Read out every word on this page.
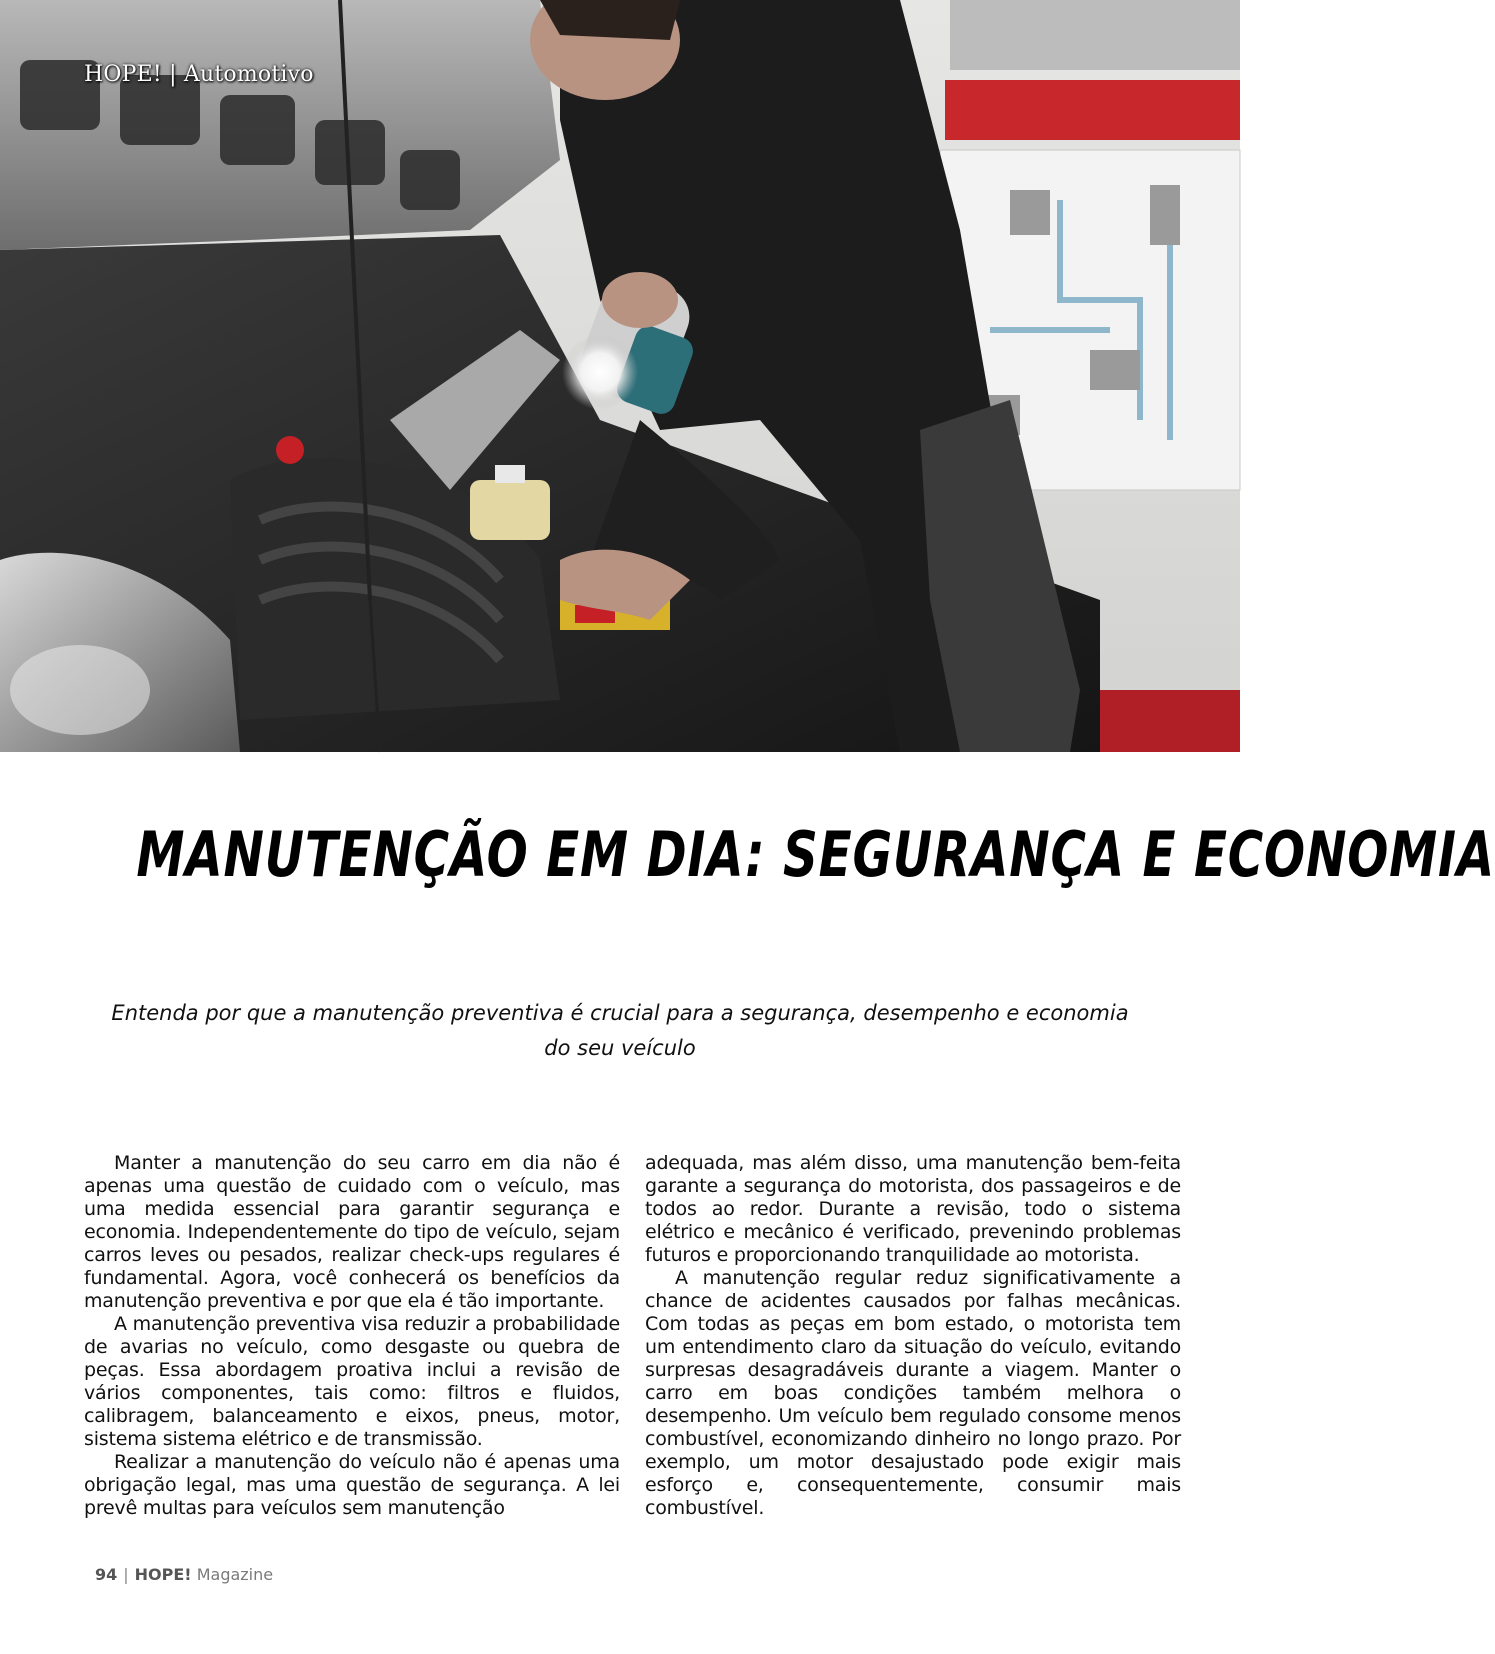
HOPE! | Automotivo
MANUTENÇÃO EM DIA: SEGURANÇA E ECONOMIA
Entenda por que a manutenção preventiva é crucial para a segurança, desempenho e economia do seu veículo

Manter a manutenção do seu carro em dia não é apenas uma questão de cuidado com o veículo, mas uma medida essencial para garantir segurança e economia. Independentemente do tipo de veículo, sejam carros leves ou pesados, realizar check-ups regulares é fundamental. Agora, você conhecerá os benefícios da manutenção preventiva e por que ela é tão importante.

A manutenção preventiva visa reduzir a probabilidade de avarias no veículo, como desgaste ou quebra de peças. Essa abordagem proativa inclui a revisão de vários componentes, tais como: filtros e fluidos, calibragem, balanceamento e eixos, pneus, motor, sistema sistema elétrico e de transmissão.

Realizar a manutenção do veículo não é apenas uma obrigação legal, mas uma questão de segurança. A lei prevê multas para veículos sem manutenção

adequada, mas além disso, uma manutenção bem-feita garante a segurança do motorista, dos passageiros e de todos ao redor. Durante a revisão, todo o sistema elétrico e mecânico é verificado, prevenindo problemas futuros e proporcionando tranquilidade ao motorista.

A manutenção regular reduz significativamente a chance de acidentes causados por falhas mecânicas. Com todas as peças em bom estado, o motorista tem um entendimento claro da situação do veículo, evitando surpresas desagradáveis durante a viagem. Manter o carro em boas condições também melhora o desempenho. Um veículo bem regulado consome menos combustível, economizando dinheiro no longo prazo. Por exemplo, um motor desajustado pode exigir mais esforço e, consequentemente, consumir mais combustível.

94 | HOPE! Magazine
